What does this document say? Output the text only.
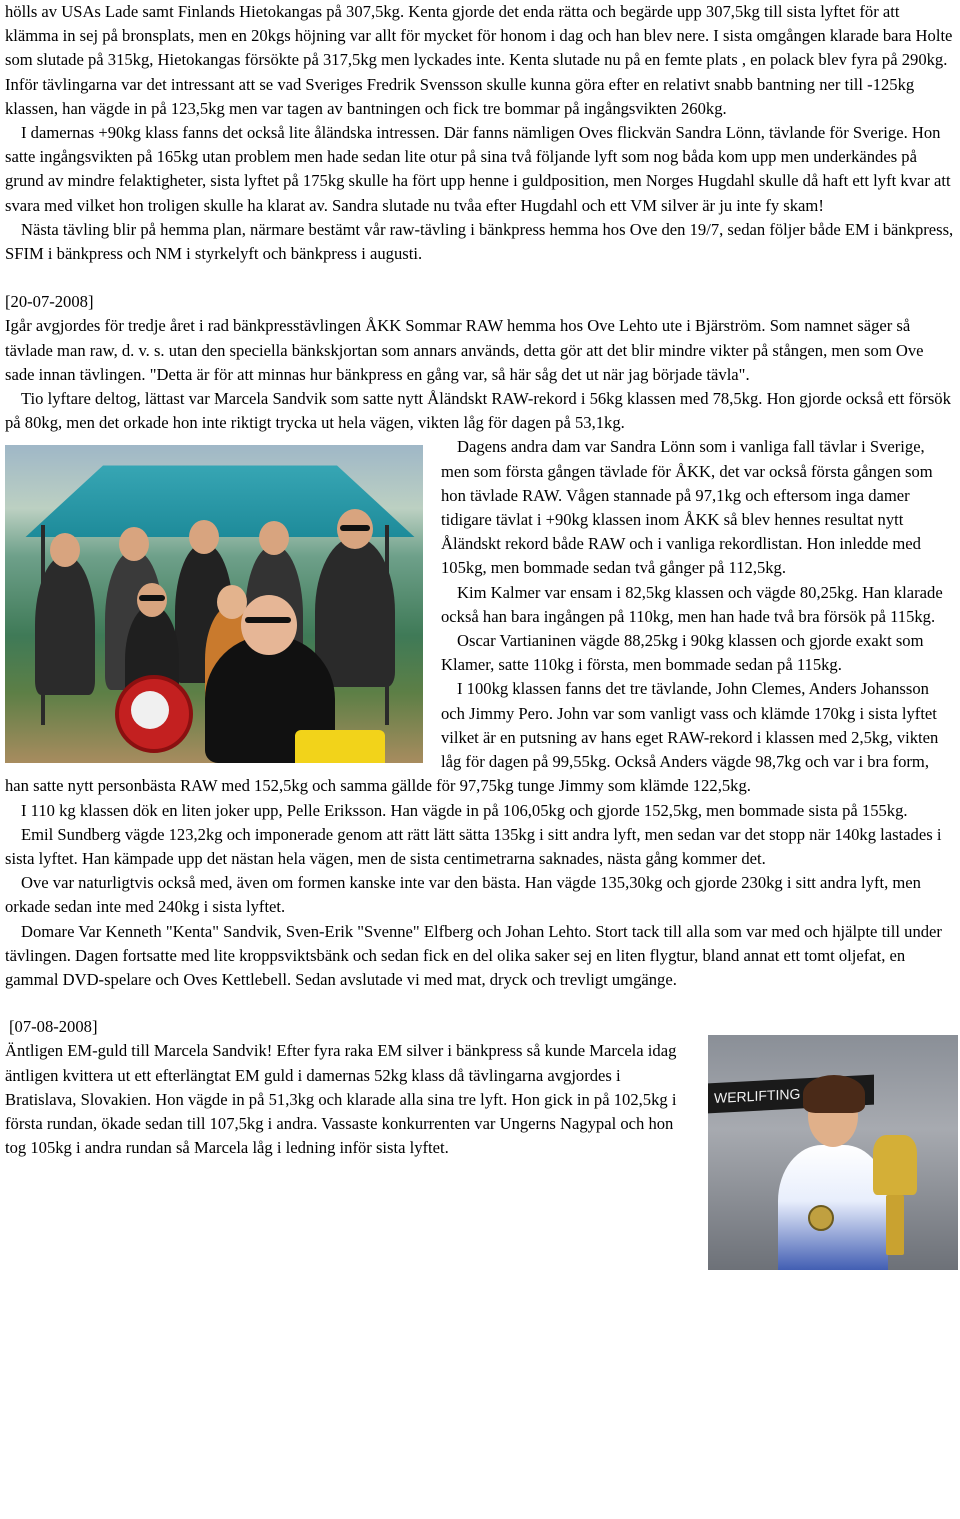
hölls av USAs Lade samt Finlands Hietokangas på 307,5kg. Kenta gjorde det enda rätta och begärde upp 307,5kg till sista lyftet för att klämma in sej på bronsplats, men en 20kgs höjning var allt för mycket för honom i dag och han blev nere. I sista omgången klarade bara Holte som slutade på 315kg, Hietokangas försökte på 317,5kg men lyckades inte. Kenta slutade nu på en femte plats , en polack blev fyra på 290kg. Inför tävlingarna var det intressant att se vad Sveriges Fredrik Svensson skulle kunna göra efter en relativt snabb bantning ner till -125kg klassen, han vägde in på 123,5kg men var tagen av bantningen och fick tre bommar på ingångsvikten 260kg.

I damernas +90kg klass fanns det också lite åländska intressen. Där fanns nämligen Oves flickvän Sandra Lönn, tävlande för Sverige. Hon satte ingångsvikten på 165kg utan problem men hade sedan lite otur på sina två följande lyft som nog båda kom upp men underkändes på grund av mindre felaktigheter, sista lyftet på 175kg skulle ha fört upp henne i guldposition, men Norges Hugdahl skulle då haft ett lyft kvar att svara med vilket hon troligen skulle ha klarat av. Sandra slutade nu tvåa efter Hugdahl och ett VM silver är ju inte fy skam!

Nästa tävling blir på hemma plan, närmare bestämt vår raw-tävling i bänkpress hemma hos Ove den 19/7, sedan följer både EM i bänkpress, SFIM i bänkpress och NM i styrkelyft och bänkpress i augusti.

[20-07-2008]

Igår avgjordes för tredje året i rad bänkpresstävlingen ÅKK Sommar RAW hemma hos Ove Lehto ute i Bjärström. Som namnet säger så tävlade man raw, d. v. s. utan den speciella bänkskjortan som annars används, detta gör att det blir mindre vikter på stången, men som Ove sade innan tävlingen. "Detta är för att minnas hur bänkpress en gång var, så här såg det ut när jag började tävla".

Tio lyftare deltog, lättast var Marcela Sandvik som satte nytt Åländskt RAW-rekord i 56kg klassen med 78,5kg. Hon gjorde också ett försök på 80kg, men det orkade hon inte riktigt trycka ut hela vägen, vikten låg för dagen på 53,1kg.

Dagens andra dam var Sandra Lönn som i vanliga fall tävlar i Sverige, men som första gången tävlade för ÅKK, det var också första gången som hon tävlade RAW. Vågen stannade på 97,1kg och eftersom inga damer tidigare tävlat i +90kg klassen inom ÅKK så blev hennes resultat nytt Åländskt rekord både RAW och i vanliga rekordlistan. Hon inledde med 105kg, men bommade sedan två gånger på 112,5kg.

Kim Kalmer var ensam i 82,5kg klassen och vägde 80,25kg. Han klarade också han bara ingången på 110kg, men han hade två bra försök på 115kg.

Oscar Vartianinen vägde 88,25kg i 90kg klassen och gjorde exakt som Klamer, satte 110kg i första, men bommade sedan på 115kg.

I 100kg klassen fanns det tre tävlande, John Clemes, Anders Johansson och Jimmy Pero. John var som vanligt vass och klämde 170kg i sista lyftet vilket är en putsning av hans eget RAW-rekord i klassen med 2,5kg, vikten låg för dagen på 99,55kg. Också Anders vägde 98,7kg och var i bra form, han satte nytt personbästa RAW med 152,5kg och samma gällde för 97,75kg tunge Jimmy som klämde 122,5kg.

I 110 kg klassen dök en liten joker upp, Pelle Eriksson. Han vägde in på 106,05kg och gjorde 152,5kg, men bommade sista på 155kg.

Emil Sundberg vägde 123,2kg och imponerade genom att rätt lätt sätta 135kg i sitt andra lyft, men sedan var det stopp när 140kg lastades i sista lyftet. Han kämpade upp det nästan hela vägen, men de sista centimetrarna saknades, nästa gång kommer det.

Ove var naturligtvis också med, även om formen kanske inte var den bästa. Han vägde 135,30kg och gjorde 230kg i sitt andra lyft, men orkade sedan inte med 240kg i sista lyftet.

Domare Var Kenneth "Kenta" Sandvik, Sven-Erik "Svenne" Elfberg och Johan Lehto. Stort tack till alla som var med och hjälpte till under tävlingen. Dagen fortsatte med lite kroppsviktsbänk och sedan fick en del olika saker sej en liten flygtur, bland annat ett tomt oljefat, en gammal DVD-spelare och Oves Kettlebell. Sedan avslutade vi med mat, dryck och trevligt umgänge.

WERLIFTING

[07-08-2008]

Äntligen EM-guld till Marcela Sandvik! Efter fyra raka EM silver i bänkpress så kunde Marcela idag äntligen kvittera ut ett efterlängtat EM guld i damernas 52kg klass då tävlingarna avgjordes i Bratislava, Slovakien. Hon vägde in på 51,3kg och klarade alla sina tre lyft. Hon gick in på 102,5kg i första rundan, ökade sedan till 107,5kg i andra. Vassaste konkurrenten var Ungerns Nagypal och hon tog 105kg i andra rundan så Marcela låg i ledning inför sista lyftet.
